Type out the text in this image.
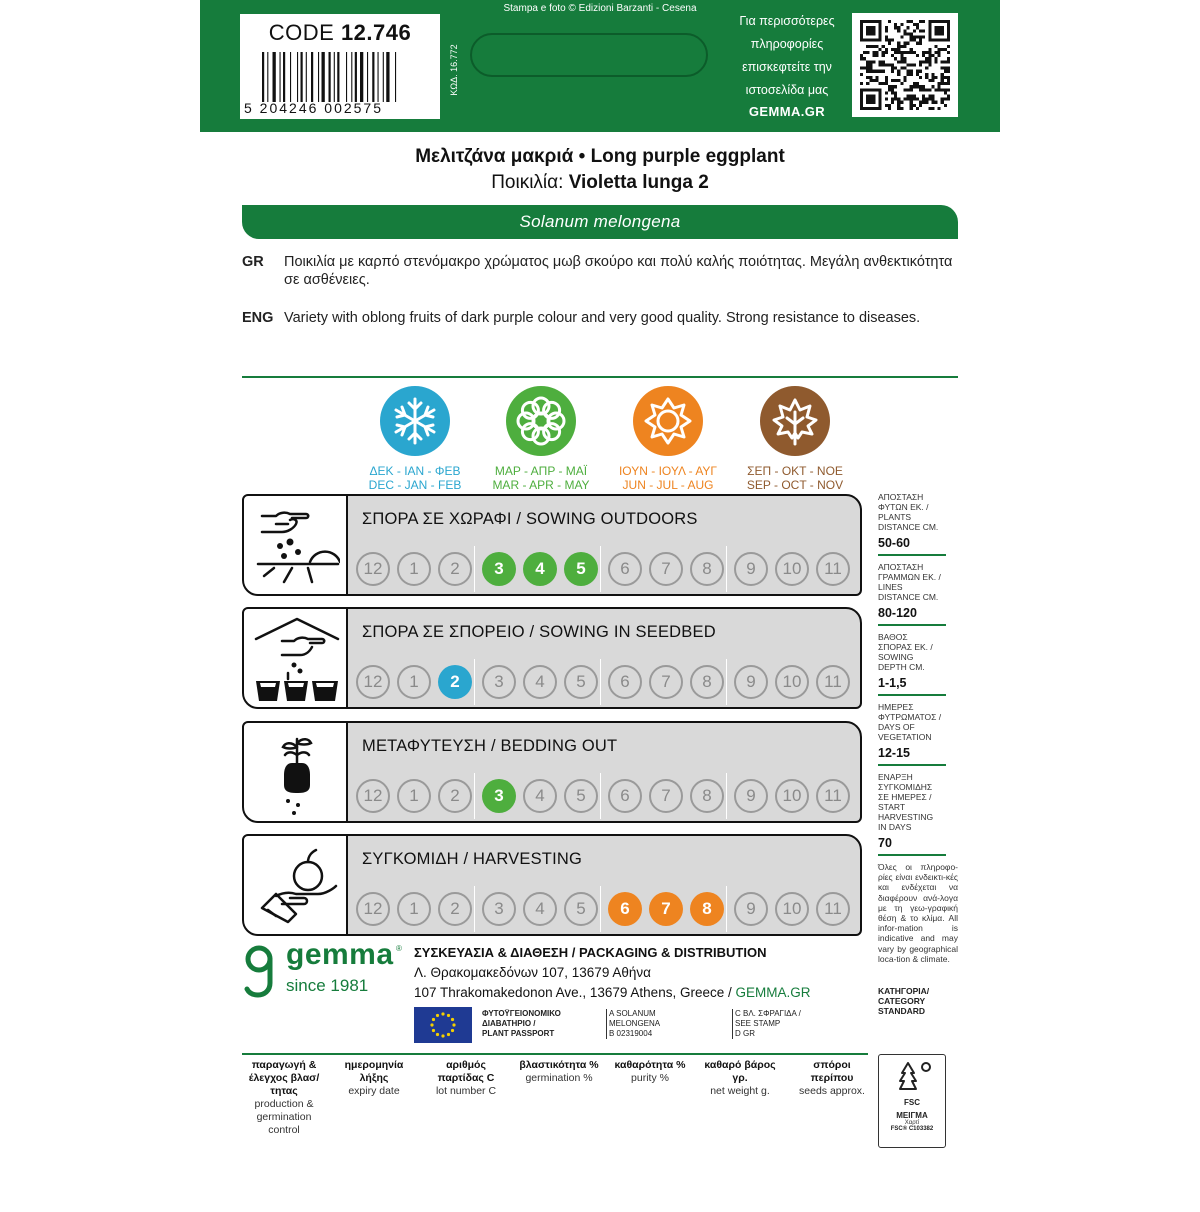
CODE 12.746
5 204246 002575
ΚΩΔ. 16.772
Stampa e foto © Edizioni Barzanti - Cesena
Για περισσότερες
πληροφορίες
επισκεφτείτε την
ιστοσελίδα μας
GEMMA.GR
Μελιτζάνα μακριά • Long purple eggplant
Ποικιλία: Violetta lunga 2
Solanum melongena
GR Ποικιλία με καρπό στενόμακρο χρώματος μωβ σκούρο και πολύ καλής ποιότητας. Μεγάλη ανθεκτικότητα σε ασθένειες.
ENG Variety with oblong fruits of dark purple colour and very good quality. Strong resistance to diseases.
ΔΕΚ - ΙΑΝ - ΦΕΒ
DEC - JAN - FEB
ΜΑΡ - ΑΠΡ - ΜΑΪ
MAR - APR - MAY
ΙΟΥΝ - ΙΟΥΛ - ΑΥΓ
JUN - JUL - AUG
ΣΕΠ - ΟΚΤ - ΝΟΕ
SEP - OCT - NOV
ΣΠΟΡΑ ΣΕ ΧΩΡΑΦΙ / SOWING OUTDOORS
12	1	2	3	4	5	6	7	8	9	10	11
ΣΠΟΡΑ ΣΕ ΣΠΟΡΕΙΟ / SOWING IN SEEDBED
12	1	2	3	4	5	6	7	8	9	10	11
ΜΕΤΑΦΥΤΕΥΣΗ / BEDDING OUT
12	1	2	3	4	5	6	7	8	9	10	11
ΣΥΓΚΟΜΙΔΗ / HARVESTING
12	1	2	3	4	5	6	7	8	9	10	11
ΑΠΟΣΤΑΣΗ
ΦΥΤΩΝ ΕΚ. /
PLANTS
DISTANCE CM.
50-60
ΑΠΟΣΤΑΣΗ
ΓΡΑΜΜΩΝ ΕΚ. /
LINES
DISTANCE CM.
80-120
ΒΑΘΟΣ
ΣΠΟΡΑΣ ΕΚ. /
SOWING
DEPTH CM.
1-1,5
ΗΜΕΡΕΣ
ΦΥΤΡΩΜΑΤΟΣ /
DAYS OF
VEGETATION
12-15
ΕΝΑΡΞΗ
ΣΥΓΚΟΜΙΔΗΣ
ΣΕ ΗΜΕΡΕΣ /
START
HARVESTING
IN DAYS
70
Όλες οι πληροφο-ρίες είναι ενδεικτι-κές και ενδέχεται να διαφέρουν ανά-λογα με τη γεω-γραφική θέση & το κλίμα. All infor-mation is indicative and may vary by geographical loca-tion & climate.
ΚΑΤΗΓΟΡΙΑ/ CATEGORY
STANDARD
gemma ®
since 1981
ΣΥΣΚΕΥΑΣΙΑ & ΔΙΑΘΕΣΗ / PACKAGING & DISTRIBUTION
Λ. Θρακομακεδόνων 107, 13679 Αθήνα
107 Thrakomakedonon Ave., 13679 Athens, Greece / GEMMA.GR
ΦΥΤΟΫΓΕΙΟΝΟΜΙΚΟ
ΔΙΑΒΑΤΗΡΙΟ /
PLANT PASSPORT
A SOLANUM
MELONGENA
B 02319004
C ΒΛ. ΣΦΡΑΓΙΔΑ /
SEE STAMP
D GR
παραγωγή & έλεγχος βλασ/τητας
production & germination control
ημερομηνία λήξης
expiry date
αριθμός παρτίδας C
lot number C
βλαστικότητα %
germination %
καθαρότητα %
purity %
καθαρό βάρος γρ.
net weight g.
σπόροι περίπου
seeds approx.
FSC
ΜΕΙΓΜΑ
Χαρτί
FSC® C103382
